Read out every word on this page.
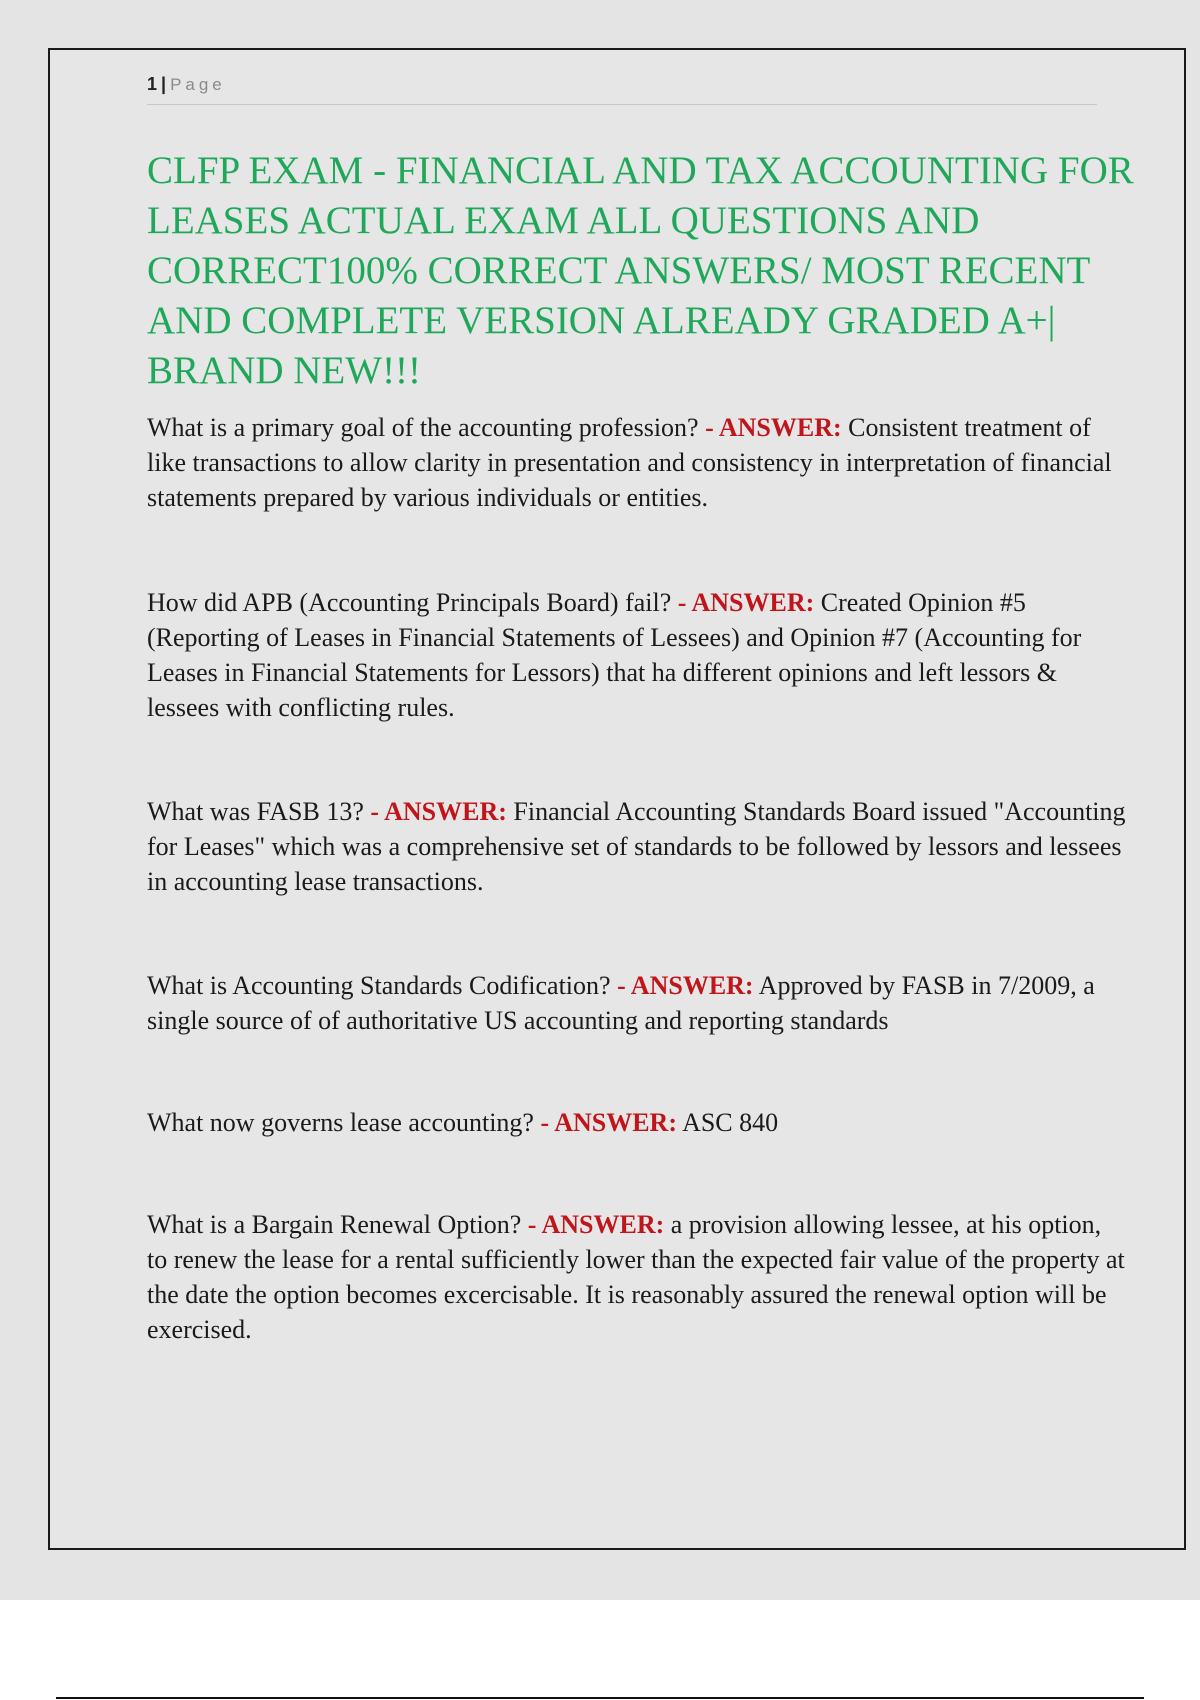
1 | Page
CLFP EXAM - FINANCIAL AND TAX ACCOUNTING FOR LEASES ACTUAL EXAM ALL QUESTIONS AND CORRECT100% CORRECT ANSWERS/ MOST RECENT AND COMPLETE VERSION ALREADY GRADED A+| BRAND NEW!!!

What is a primary goal of the accounting profession? - ANSWER: Consistent treatment of like transactions to allow clarity in presentation and consistency in interpretation of financial statements prepared by various individuals or entities.

How did APB (Accounting Principals Board) fail? - ANSWER: Created Opinion #5 (Reporting of Leases in Financial Statements of Lessees) and Opinion #7 (Accounting for Leases in Financial Statements for Lessors) that ha different opinions and left lessors & lessees with conflicting rules.

What was FASB 13? - ANSWER: Financial Accounting Standards Board issued "Accounting for Leases" which was a comprehensive set of standards to be followed by lessors and lessees in accounting lease transactions.

What is Accounting Standards Codification? - ANSWER: Approved by FASB in 7/2009, a single source of of authoritative US accounting and reporting standards

What now governs lease accounting? - ANSWER: ASC 840

What is a Bargain Renewal Option? - ANSWER: a provision allowing lessee, at his option, to renew the lease for a rental sufficiently lower than the expected fair value of the property at the date the option becomes excercisable. It is reasonably assured the renewal option will be exercised.
